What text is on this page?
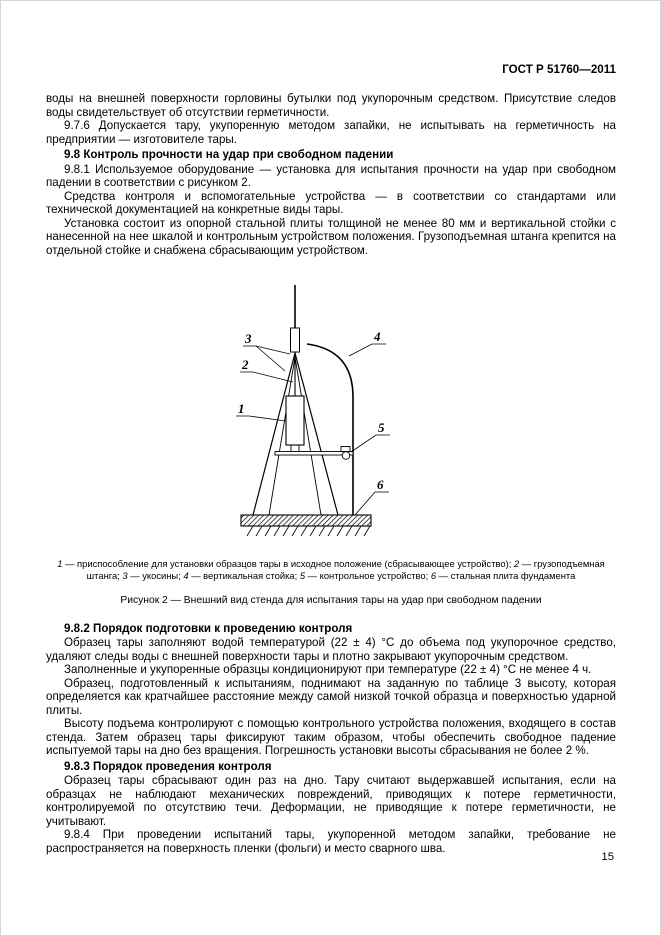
ГОСТ Р 51760—2011

воды на внешней поверхности горловины бутылки под укупорочным средством. Присутствие следов воды свидетельствует об отсутствии герметичности.

9.7.6 Допускается тару, укупоренную методом запайки, не испытывать на герметичность на предприятии — изготовителе тары.

9.8 Контроль прочности на удар при свободном падении

9.8.1 Используемое оборудование — установка для испытания прочности на удар при свободном падении в соответствии с рисунком 2.

Средства контроля и вспомогательные устройства — в соответствии со стандартами или технической документацией на конкретные виды тары.

Установка состоит из опорной стальной плиты толщиной не менее 80 мм и вертикальной стойки с нанесенной на нее шкалой и контрольным устройством положения. Грузоподъемная штанга крепится на отдельной стойке и снабжена сбрасывающим устройством.

3
2
1
4
5
6

1 — приспособление для установки образцов тары в исходное положение (сбрасывающее устройство); 2 — грузоподъемная штанга; 3 — укосины; 4 — вертикальная стойка; 5 — контрольное устройство; 6 — стальная плита фундамента

Рисунок 2 — Внешний вид стенда для испытания тары на удар при свободном падении

9.8.2 Порядок подготовки к проведению контроля

Образец тары заполняют водой температурой (22 ± 4) °С до объема под укупорочное средство, удаляют следы воды с внешней поверхности тары и плотно закрывают укупорочным средством.

Заполненные и укупоренные образцы кондиционируют при температуре (22 ± 4) °С не менее 4 ч.

Образец, подготовленный к испытаниям, поднимают на заданную по таблице 3 высоту, которая определяется как кратчайшее расстояние между самой низкой точкой образца и поверхностью ударной плиты.

Высоту подъема контролируют с помощью контрольного устройства положения, входящего в состав стенда. Затем образец тары фиксируют таким образом, чтобы обеспечить свободное падение испытуемой тары на дно без вращения. Погрешность установки высоты сбрасывания не более 2 %.

9.8.3 Порядок проведения контроля

Образец тары сбрасывают один раз на дно. Тару считают выдержавшей испытания, если на образцах не наблюдают механических повреждений, приводящих к потере герметичности, контролируемой по отсутствию течи. Деформации, не приводящие к потере герметичности, не учитывают.

9.8.4 При проведении испытаний тары, укупоренной методом запайки, требование не распространяется на поверхность пленки (фольги) и место сварного шва.

15
